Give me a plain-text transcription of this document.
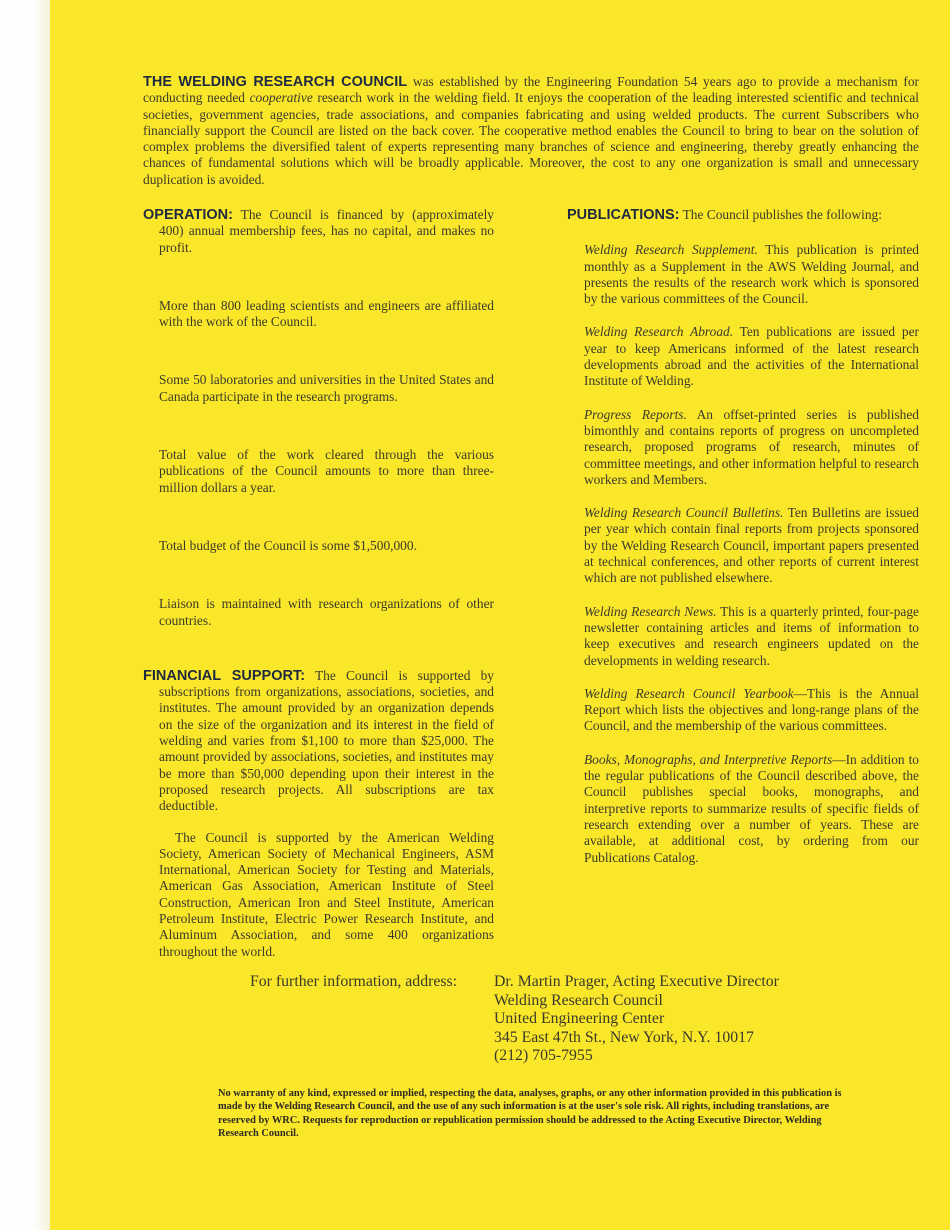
THE WELDING RESEARCH COUNCIL was established by the Engineering Foundation 54 years ago to provide a mechanism for conducting needed cooperative research work in the welding field. It enjoys the cooperation of the leading interested scientific and technical societies, government agencies, trade associations, and companies fabricating and using welded products. The current Subscribers who financially support the Council are listed on the back cover. The cooperative method enables the Council to bring to bear on the solution of complex problems the diversified talent of experts representing many branches of science and engineering, thereby greatly enhancing the chances of fundamental solutions which will be broadly applicable. Moreover, the cost to any one organization is small and unnecessary duplication is avoided.

OPERATION: The Council is financed by (approximately 400) annual membership fees, has no capital, and makes no profit.

More than 800 leading scientists and engineers are affiliated with the work of the Council.

Some 50 laboratories and universities in the United States and Canada participate in the research programs.

Total value of the work cleared through the various publications of the Council amounts to more than three-million dollars a year.

Total budget of the Council is some $1,500,000.

Liaison is maintained with research organizations of other countries.

FINANCIAL SUPPORT: The Council is supported by subscriptions from organizations, associations, societies, and institutes. The amount provided by an organization depends on the size of the organization and its interest in the field of welding and varies from $1,100 to more than $25,000. The amount provided by associations, societies, and institutes may be more than $50,000 depending upon their interest in the proposed research projects. All subscriptions are tax deductible.

The Council is supported by the American Welding Society, American Society of Mechanical Engineers, ASM International, American Society for Testing and Materials, American Gas Association, American Institute of Steel Construction, American Iron and Steel Institute, American Petroleum Institute, Electric Power Research Institute, and Aluminum Association, and some 400 organizations throughout the world.

PUBLICATIONS: The Council publishes the following:

Welding Research Supplement. This publication is printed monthly as a Supplement in the AWS Welding Journal, and presents the results of the research work which is sponsored by the various committees of the Council.

Welding Research Abroad. Ten publications are issued per year to keep Americans informed of the latest research developments abroad and the activities of the International Institute of Welding.

Progress Reports. An offset-printed series is published bimonthly and contains reports of progress on uncompleted research, proposed programs of research, minutes of committee meetings, and other information helpful to research workers and Members.

Welding Research Council Bulletins. Ten Bulletins are issued per year which contain final reports from projects sponsored by the Welding Research Council, important papers presented at technical conferences, and other reports of current interest which are not published elsewhere.

Welding Research News. This is a quarterly printed, four-page newsletter containing articles and items of information to keep executives and research engineers updated on the developments in welding research.

Welding Research Council Yearbook—This is the Annual Report which lists the objectives and long-range plans of the Council, and the membership of the various committees.

Books, Monographs, and Interpretive Reports—In addition to the regular publications of the Council described above, the Council publishes special books, monographs, and interpretive reports to summarize results of specific fields of research extending over a number of years. These are available, at additional cost, by ordering from our Publications Catalog.

For further information, address:	Dr. Martin Prager, Acting Executive Director
Welding Research Council
United Engineering Center
345 East 47th St., New York, N.Y. 10017
(212) 705-7955

No warranty of any kind, expressed or implied, respecting the data, analyses, graphs, or any other information provided in this publication is made by the Welding Research Council, and the use of any such information is at the user's sole risk. All rights, including translations, are reserved by WRC. Requests for reproduction or republication permission should be addressed to the Acting Executive Director, Welding Research Council.
